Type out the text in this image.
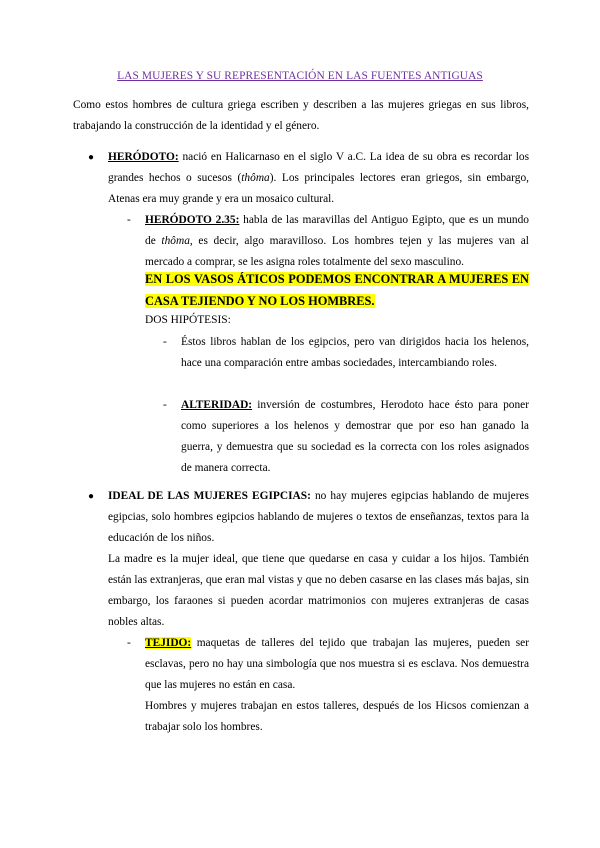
LAS MUJERES Y SU REPRESENTACIÓN EN LAS FUENTES ANTIGUAS

Como estos hombres de cultura griega escriben y describen a las mujeres griegas en sus libros, trabajando la construcción de la identidad y el género.

● HERÓDOTO: nació en Halicarnaso en el siglo V a.C. La idea de su obra es recordar los grandes hechos o sucesos (thôma). Los principales lectores eran griegos, sin embargo, Atenas era muy grande y era un mosaico cultural.

- HERÓDOTO 2.35: habla de las maravillas del Antiguo Egipto, que es un mundo de thôma, es decir, algo maravilloso. Los hombres tejen y las mujeres van al mercado a comprar, se les asigna roles totalmente del sexo masculino.

EN LOS VASOS ÁTICOS PODEMOS ENCONTRAR A MUJERES EN CASA TEJIENDO Y NO LOS HOMBRES.

DOS HIPÓTESIS:

- Éstos libros hablan de los egipcios, pero van dirigidos hacia los helenos, hace una comparación entre ambas sociedades, intercambiando roles.

- ALTERIDAD: inversión de costumbres, Herodoto hace ésto para poner como superiores a los helenos y demostrar que por eso han ganado la guerra, y demuestra que su sociedad es la correcta con los roles asignados de manera correcta.

● IDEAL DE LAS MUJERES EGIPCIAS: no hay mujeres egipcias hablando de mujeres egipcias, solo hombres egipcios hablando de mujeres o textos de enseñanzas, textos para la educación de los niños.

La madre es la mujer ideal, que tiene que quedarse en casa y cuidar a los hijos. También están las extranjeras, que eran mal vistas y que no deben casarse en las clases más bajas, sin embargo, los faraones si pueden acordar matrimonios con mujeres extranjeras de casas nobles altas.

- TEJIDO: maquetas de talleres del tejido que trabajan las mujeres, pueden ser esclavas, pero no hay una simbología que nos muestra si es esclava. Nos demuestra que las mujeres no están en casa.

Hombres y mujeres trabajan en estos talleres, después de los Hicsos comienzan a trabajar solo los hombres.
